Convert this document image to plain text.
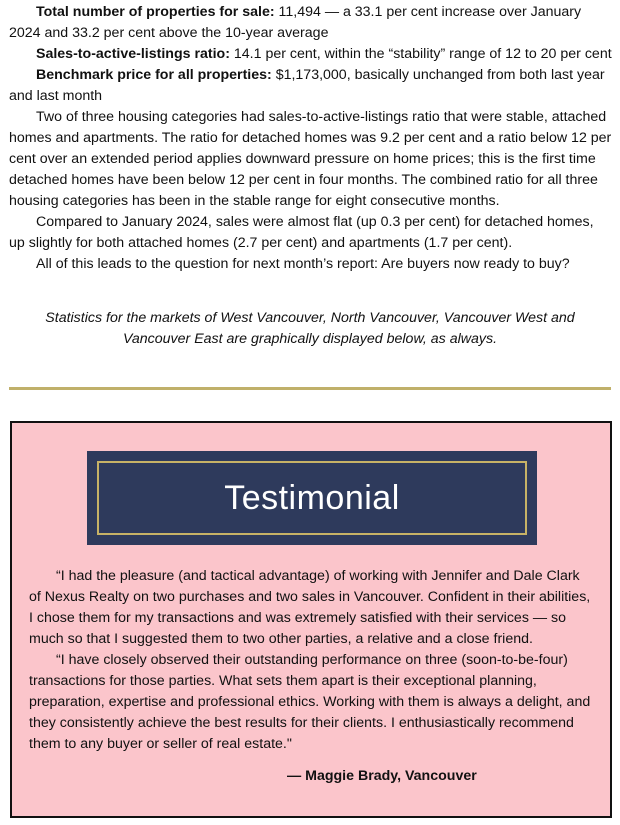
Total number of properties for sale: 11,494 — a 33.1 per cent increase over January 2024 and 33.2 per cent above the 10-year average

Sales-to-active-listings ratio: 14.1 per cent, within the “stability” range of 12 to 20 per cent

Benchmark price for all properties: $1,173,000, basically unchanged from both last year and last month

Two of three housing categories had sales-to-active-listings ratio that were stable, attached homes and apartments. The ratio for detached homes was 9.2 per cent and a ratio below 12 per cent over an extended period applies downward pressure on home prices; this is the first time detached homes have been below 12 per cent in four months. The combined ratio for all three housing categories has been in the stable range for eight consecutive months.

Compared to January 2024, sales were almost flat (up 0.3 per cent) for detached homes, up slightly for both attached homes (2.7 per cent) and apartments (1.7 per cent).

All of this leads to the question for next month’s report: Are buyers now ready to buy?

Statistics for the markets of West Vancouver, North Vancouver, Vancouver West and Vancouver East are graphically displayed below, as always.
Testimonial

“I had the pleasure (and tactical advantage) of working with Jennifer and Dale Clark of Nexus Realty on two purchases and two sales in Vancouver. Confident in their abilities, I chose them for my transactions and was extremely satisfied with their services — so much so that I suggested them to two other parties, a relative and a close friend.

“I have closely observed their outstanding performance on three (soon-to-be-four) transactions for those parties. What sets them apart is their exceptional planning, preparation, expertise and professional ethics. Working with them is always a delight, and they consistently achieve the best results for their clients. I enthusiastically recommend them to any buyer or seller of real estate."

— Maggie Brady, Vancouver
